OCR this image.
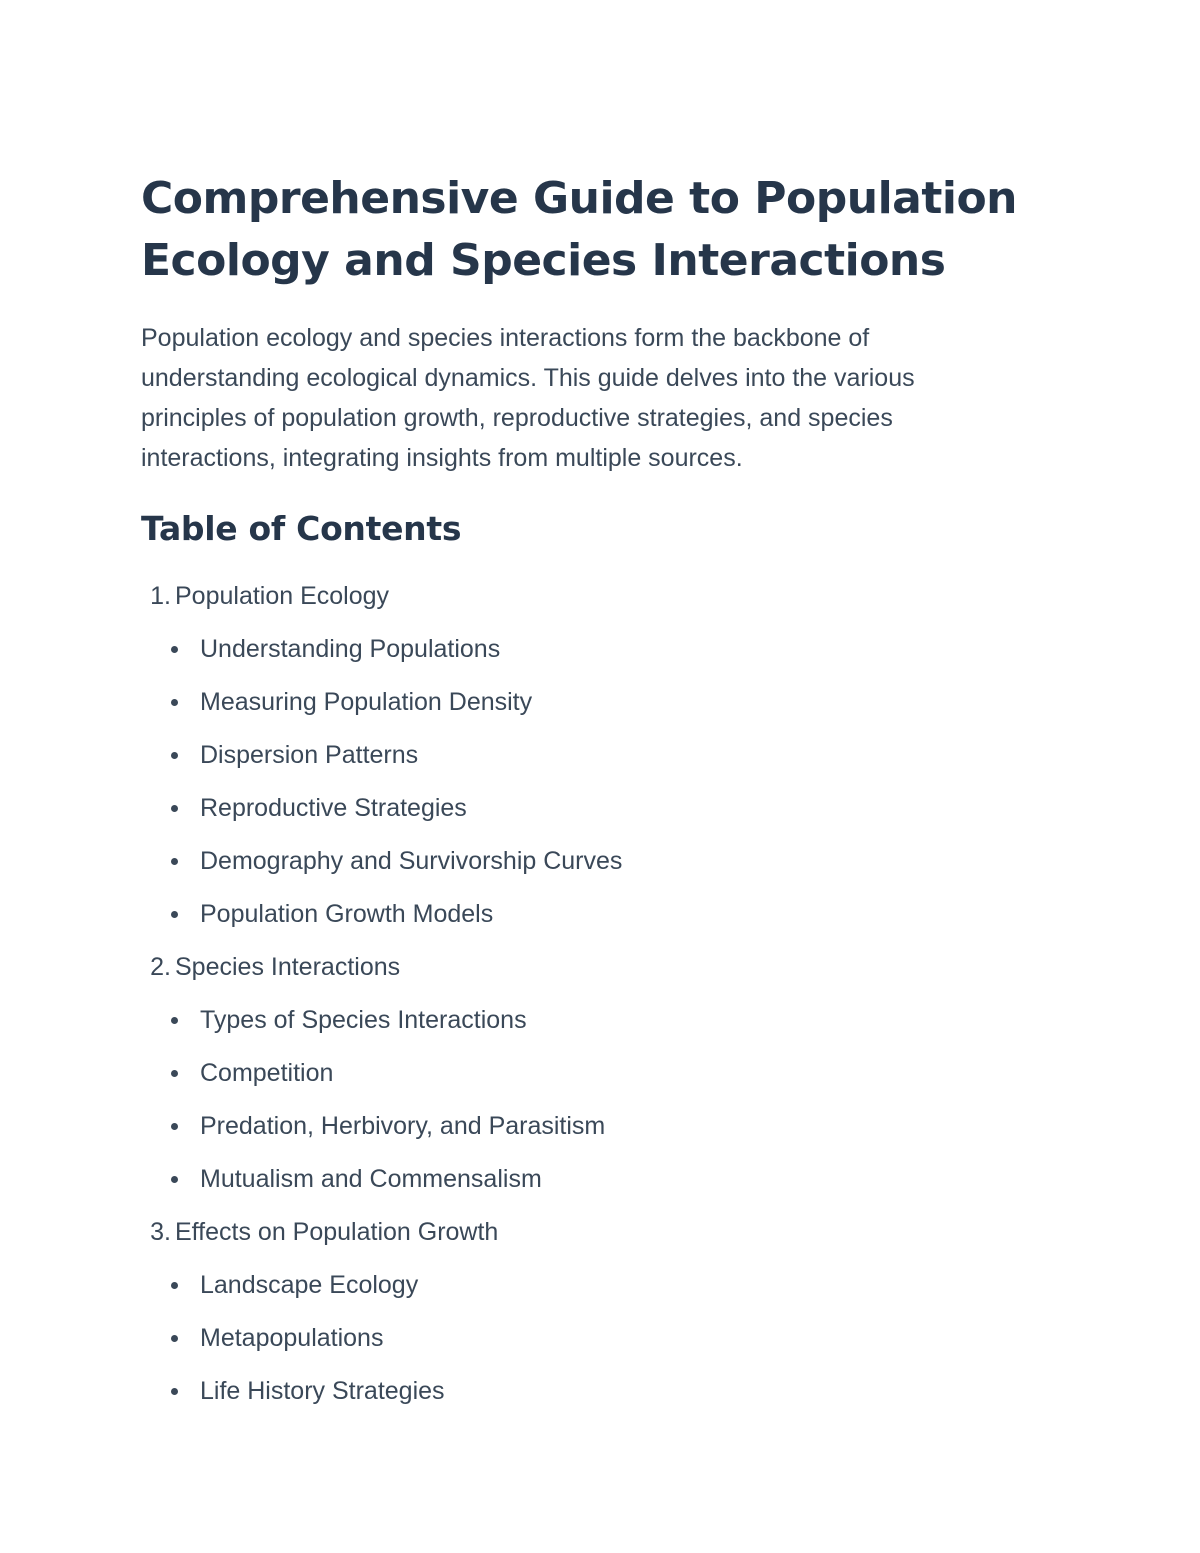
Comprehensive Guide to Population Ecology and Species Interactions

Population ecology and species interactions form the backbone of understanding ecological dynamics. This guide delves into the various principles of population growth, reproductive strategies, and species interactions, integrating insights from multiple sources.

Table of Contents
1. Population Ecology
Understanding Populations
Measuring Population Density
Dispersion Patterns
Reproductive Strategies
Demography and Survivorship Curves
Population Growth Models
2. Species Interactions
Types of Species Interactions
Competition
Predation, Herbivory, and Parasitism
Mutualism and Commensalism
3. Effects on Population Growth
Landscape Ecology
Metapopulations
Life History Strategies
